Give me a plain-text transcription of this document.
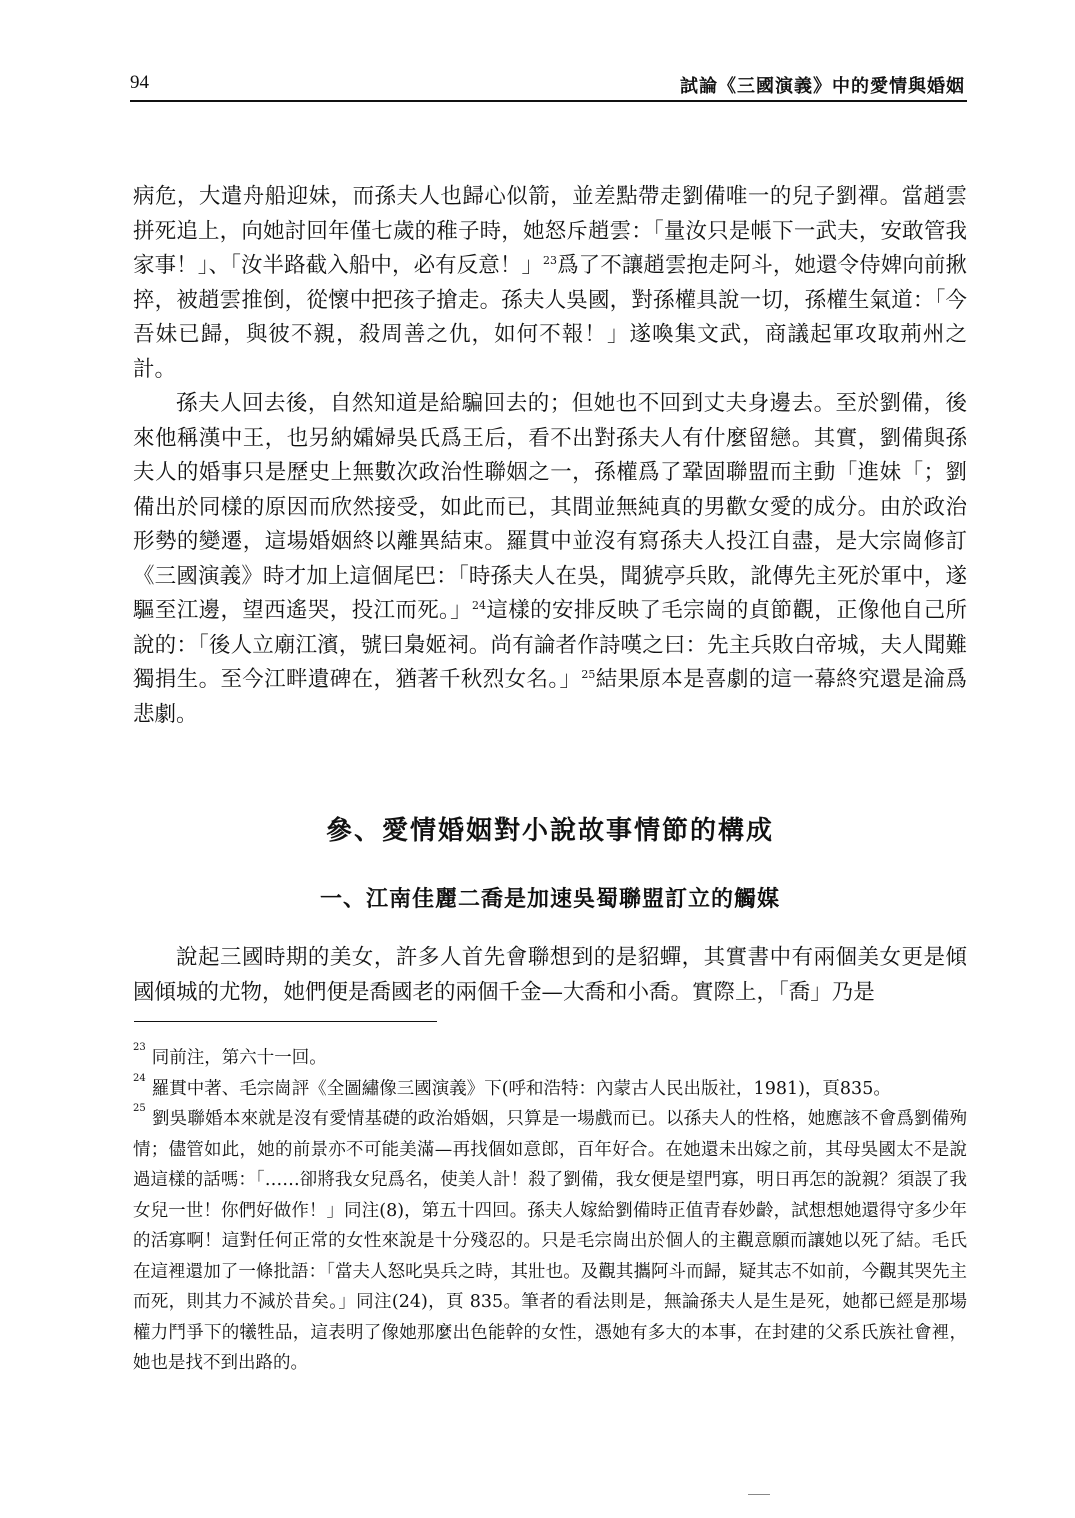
94	試論《三國演義》中的愛情與婚姻

病危，大遣舟船迎妹，而孫夫人也歸心似箭，並差點帶走劉備唯一的兒子劉禪。當趙雲拼死追上，向她討回年僅七歲的稚子時，她怒斥趙雲：「量汝只是帳下一武夫，安敢管我家事！」、「汝半路截入船中，必有反意！」$^{23}$爲了不讓趙雲抱走阿斗，她還令侍婢向前揪捽，被趙雲推倒，從懷中把孩子搶走。孫夫人吳國，對孫權具說一切，孫權生氣道：「今吾妹已歸，與彼不親，殺周善之仇，如何不報！」遂喚集文武，商議起軍攻取荊州之計。

孫夫人回去後，自然知道是給騙回去的；但她也不回到丈夫身邊去。至於劉備，後來他稱漢中王，也另納孀婦吳氏爲王后，看不出對孫夫人有什麼留戀。其實，劉備與孫夫人的婚事只是歷史上無數次政治性聯姻之一，孫權爲了鞏固聯盟而主動「進妹「；劉備出於同樣的原因而欣然接受，如此而已，其間並無純真的男歡女愛的成分。由於政治形勢的變遷，這場婚姻終以離異結束。羅貫中並沒有寫孫夫人投江自盡，是大宗崗修訂《三國演義》時才加上這個尾巴：「時孫夫人在吳，聞猇亭兵敗，訛傳先主死於軍中，遂驅至江邊，望西遙哭，投江而死。」$^{24}$這樣的安排反映了毛宗崗的貞節觀，正像他自己所說的：「後人立廟江濱，號曰梟姬祠。尚有論者作詩嘆之曰：先主兵敗白帝城，夫人聞難獨捐生。至今江畔遺碑在，猶著千秋烈女名。」$^{25}$結果原本是喜劇的這一幕終究還是淪爲悲劇。

參、愛情婚姻對小說故事情節的構成
一、江南佳麗二喬是加速吳蜀聯盟訂立的觸媒

說起三國時期的美女，許多人首先會聯想到的是貂蟬，其實書中有兩個美女更是傾國傾城的尤物，她們便是喬國老的兩個千金—大喬和小喬。實際上，「喬」乃是

$^{23}$同前注，第六十一回。

$^{24}$羅貫中著、毛宗崗評《全圖繡像三國演義》下(呼和浩特：內蒙古人民出版社，1981)，頁835。

$^{25}$劉吳聯婚本來就是沒有愛情基礎的政治婚姻，只算是一場戲而已。以孫夫人的性格，她應該不會爲劉備殉情；儘管如此，她的前景亦不可能美滿—再找個如意郎，百年好合。在她還未出嫁之前，其母吳國太不是說過這樣的話嗎：「……卻將我女兒爲名，使美人計！殺了劉備，我女便是望門寡，明日再怎的說親？須誤了我女兒一世！你們好做作！」同注(8)，第五十四回。孫夫人嫁給劉備時正值青春妙齡，試想想她還得守多少年的活寡啊！這對任何正常的女性來說是十分殘忍的。只是毛宗崗出於個人的主觀意願而讓她以死了結。毛氏在這裡還加了一條批語：「當夫人怒叱吳兵之時，其壯也。及觀其攜阿斗而歸，疑其志不如前，今觀其哭先主而死，則其力不減於昔矣。」同注(24)，頁 835。筆者的看法則是，無論孫夫人是生是死，她都已經是那場權力鬥爭下的犧牲品，這表明了像她那麼出色能幹的女性，憑她有多大的本事，在封建的父系氏族社會裡，她也是找不到出路的。
